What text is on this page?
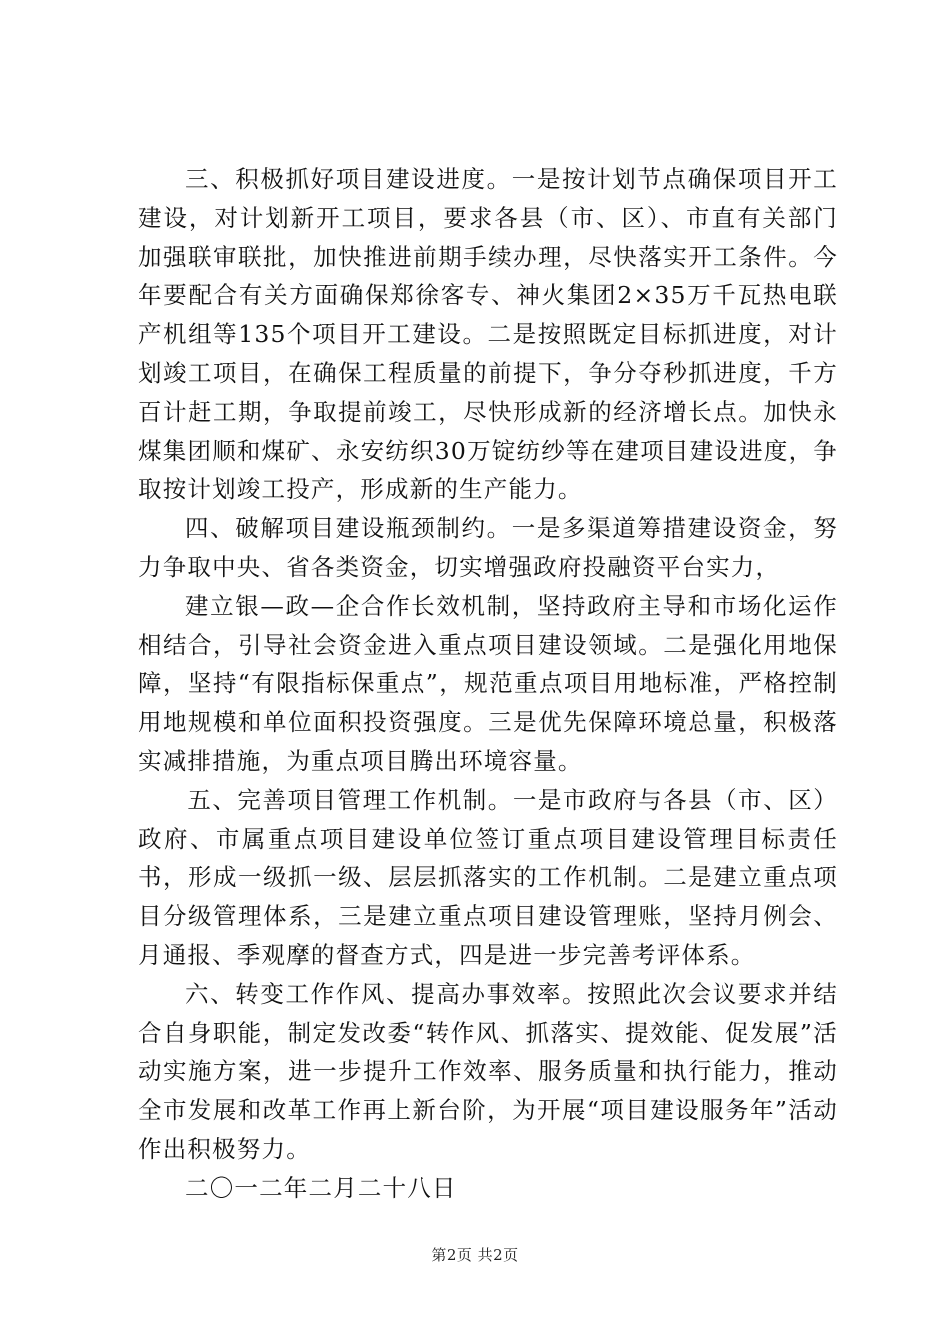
三、积极抓好项目建设进度。一是按计划节点确保项目开工建设，对计划新开工项目，要求各县（市、区）、市直有关部门加强联审联批，加快推进前期手续办理，尽快落实开工条件。今年要配合有关方面确保郑徐客专、神火集团2×35万千瓦热电联产机组等135个项目开工建设。二是按照既定目标抓进度，对计划竣工项目，在确保工程质量的前提下，争分夺秒抓进度，千方百计赶工期，争取提前竣工，尽快形成新的经济增长点。加快永煤集团顺和煤矿、永安纺织30万锭纺纱等在建项目建设进度，争取按计划竣工投产，形成新的生产能力。

四、破解项目建设瓶颈制约。一是多渠道筹措建设资金，努力争取中央、省各类资金，切实增强政府投融资平台实力，

建立银—政—企合作长效机制，坚持政府主导和市场化运作相结合，引导社会资金进入重点项目建设领域。二是强化用地保障，坚持“有限指标保重点”，规范重点项目用地标准，严格控制用地规模和单位面积投资强度。三是优先保障环境总量，积极落实减排措施，为重点项目腾出环境容量。

五、完善项目管理工作机制。一是市政府与各县（市、区）政府、市属重点项目建设单位签订重点项目建设管理目标责任书，形成一级抓一级、层层抓落实的工作机制。二是建立重点项目分级管理体系，三是建立重点项目建设管理账，坚持月例会、月通报、季观摩的督查方式，四是进一步完善考评体系。

六、转变工作作风、提高办事效率。按照此次会议要求并结合自身职能，制定发改委“转作风、抓落实、提效能、促发展”活动实施方案，进一步提升工作效率、服务质量和执行能力，推动全市发展和改革工作再上新台阶，为开展“项目建设服务年”活动作出积极努力。

二〇一二年二月二十八日

第2页 共2页
